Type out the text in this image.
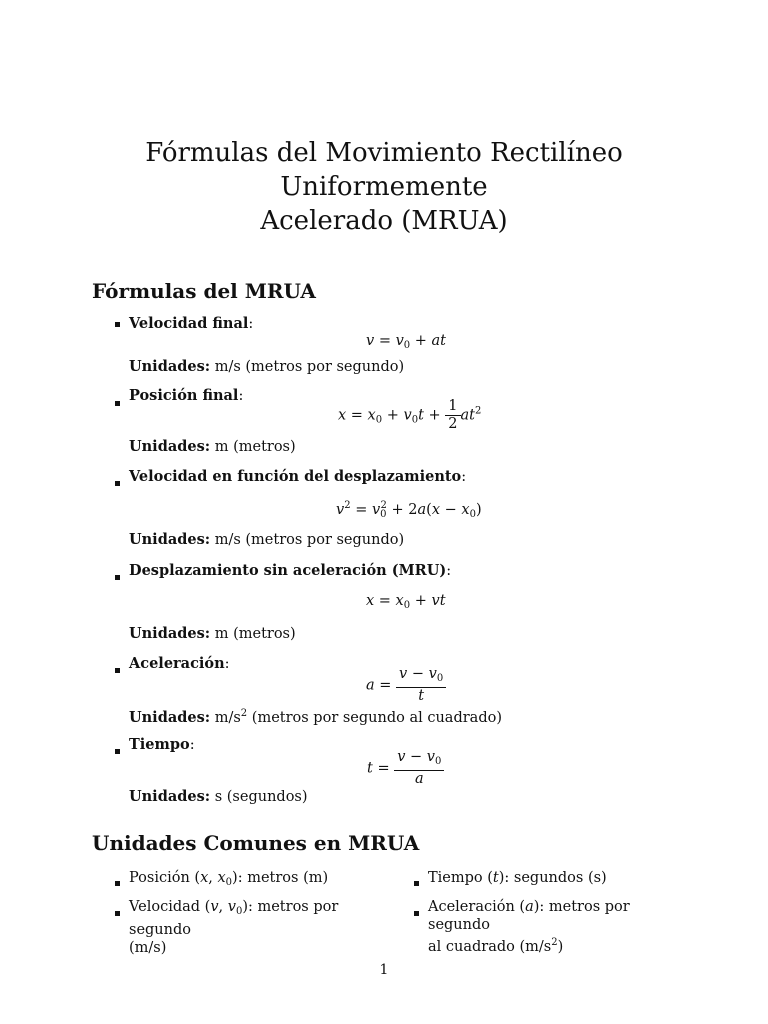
Fórmulas del Movimiento Rectilíneo Uniformemente
Acelerado (MRUA)
Fórmulas del MRUA
Velocidad final:
$v = v_0$ + at
Unidades: m/s (metros por segundo)
Posición final:
$x = x_0 + v_0t + \frac{1}{2} at^2$
Unidades: m (metros)
Velocidad en función del desplazamiento:
$v^2 = v_0^2 + 2a(x - x_0)$
Unidades: m/s (metros por segundo)
Desplazamiento sin aceleración (MRU):
$x = x_0$ + vt
Unidades: m (metros)
Aceleración:
$a = \frac{v - v_0}{t}$
Unidades: $m/s^2$ (metros por segundo al cuadrado)
Tiempo:
$t = \frac{v - v_0}{a}$
Unidades: s (segundos)
Unidades Comunes en MRUA
Posición (x, $x_0$): metros (m)	Tiempo (t): segundos (s)
Velocidad (v, $v_0$): metros por segundo
(m/s)
Aceleración (a): metros por segundo
al cuadrado $(m/s^2)$
1
